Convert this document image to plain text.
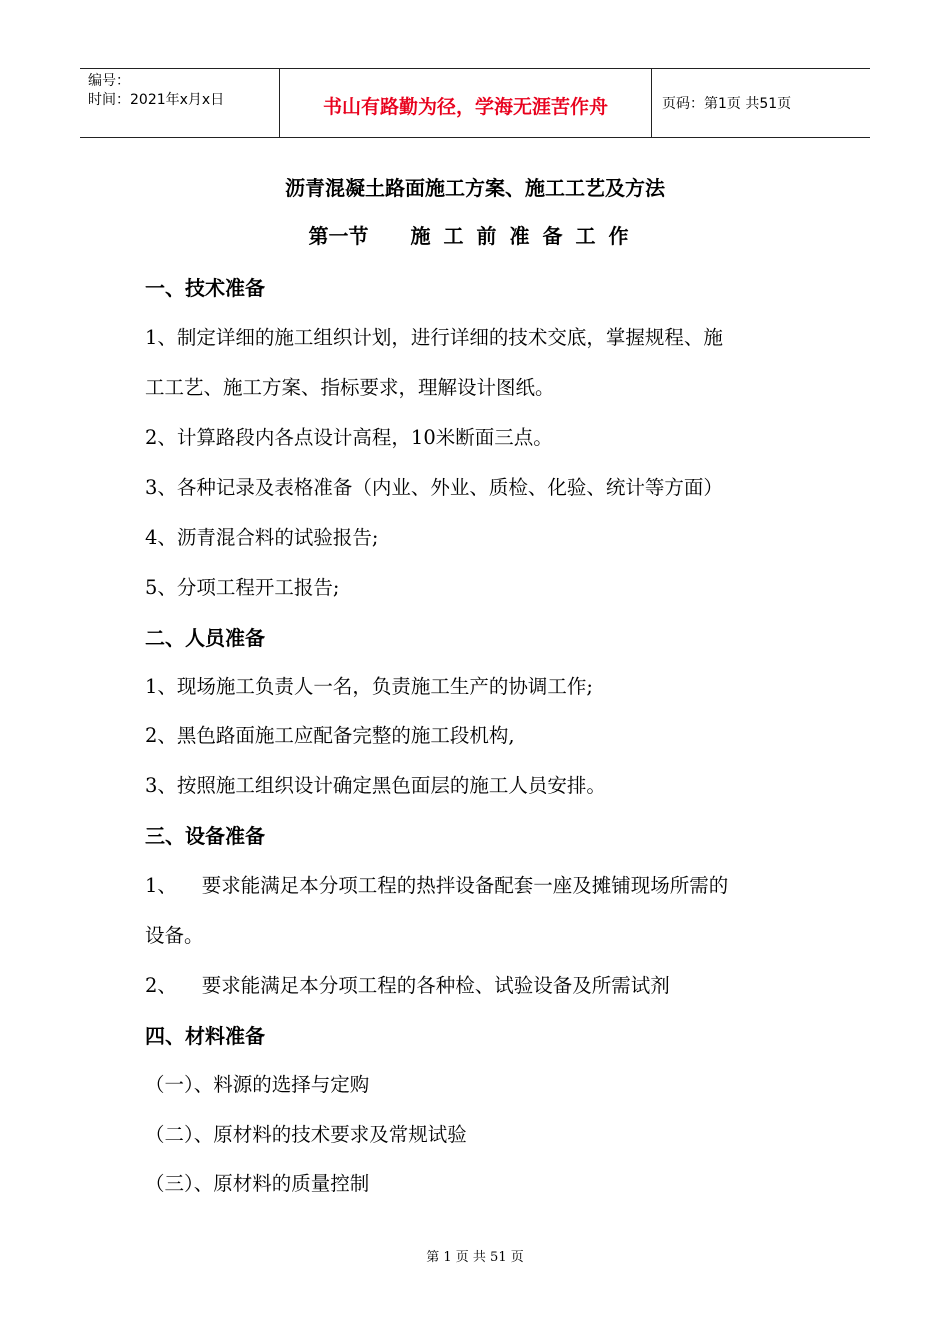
编号：
时间：2021年x月x日	书山有路勤为径，学海无涯苦作舟	页码：第1页 共51页
沥青混凝土路面施工方案、施工工艺及方法
第一节 施工前准备工作
一、技术准备
1、制定详细的施工组织计划，进行详细的技术交底，掌握规程、施
工工艺、施工方案、指标要求，理解设计图纸。
2、计算路段内各点设计高程，10米断面三点。
3、各种记录及表格准备（内业、外业、质检、化验、统计等方面）
4、沥青混合料的试验报告;
5、分项工程开工报告;
二、人员准备
1、现场施工负责人一名，负责施工生产的协调工作;
2、黑色路面施工应配备完整的施工段机构,
3、按照施工组织设计确定黑色面层的施工人员安排。
三、设备准备
1、    要求能满足本分项工程的热拌设备配套一座及摊铺现场所需的
设备。
2、    要求能满足本分项工程的各种检、试验设备及所需试剂
四、材料准备
（一）、料源的选择与定购
（二）、原材料的技术要求及常规试验
（三）、原材料的质量控制
第 1 页 共 51 页
